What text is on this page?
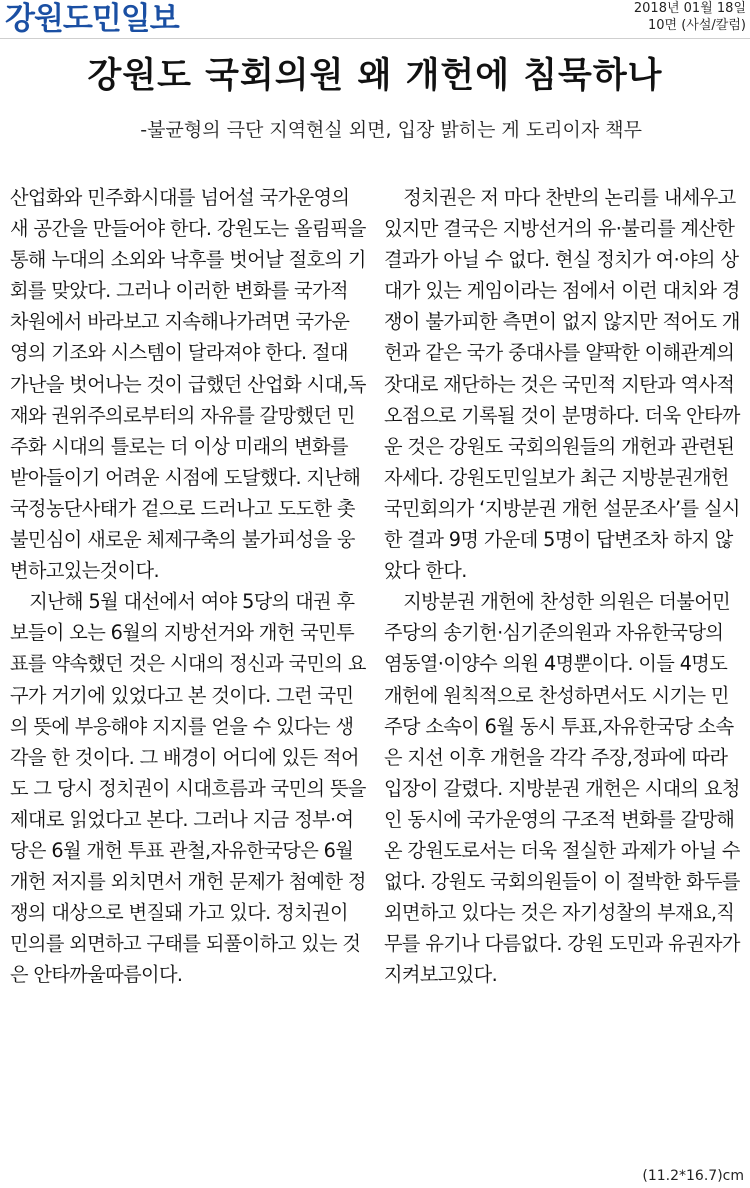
강원도민일보	2018년 01월 18일
10면 (사설/칼럼)
강원도 국회의원 왜 개헌에 침묵하나
-불균형의 극단 지역현실 외면, 입장 밝히는 게 도리이자 책무

산업화와 민주화시대를 넘어설 국가운영의 새 공간을 만들어야 한다. 강원도는 올림픽을 통해 누대의 소외와 낙후를 벗어날 절호의 기회를 맞았다. 그러나 이러한 변화를 국가적 차원에서 바라보고 지속해나가려면 국가운영의 기조와 시스템이 달라져야 한다. 절대 가난을 벗어나는 것이 급했던 산업화 시대,독재와 권위주의로부터의 자유를 갈망했던 민주화 시대의 틀로는 더 이상 미래의 변화를 받아들이기 어려운 시점에 도달했다. 지난해 국정농단사태가 겉으로 드러나고 도도한 촛불민심이 새로운 체제구축의 불가피성을 웅변하고있는것이다.

지난해 5월 대선에서 여야 5당의 대권 후보들이 오는 6월의 지방선거와 개헌 국민투표를 약속했던 것은 시대의 정신과 국민의 요구가 거기에 있었다고 본 것이다. 그런 국민의 뜻에 부응해야 지지를 얻을 수 있다는 생각을 한 것이다. 그 배경이 어디에 있든 적어도 그 당시 정치권이 시대흐름과 국민의 뜻을 제대로 읽었다고 본다. 그러나 지금 정부·여당은 6월 개헌 투표 관철,자유한국당은 6월 개헌 저지를 외치면서 개헌 문제가 첨예한 정쟁의 대상으로 변질돼 가고 있다. 정치권이 민의를 외면하고 구태를 되풀이하고 있는 것은 안타까울따름이다.

정치권은 저 마다 찬반의 논리를 내세우고 있지만 결국은 지방선거의 유·불리를 계산한 결과가 아닐 수 없다. 현실 정치가 여·야의 상대가 있는 게임이라는 점에서 이런 대치와 경쟁이 불가피한 측면이 없지 않지만 적어도 개헌과 같은 국가 중대사를 얄팍한 이해관계의 잣대로 재단하는 것은 국민적 지탄과 역사적 오점으로 기록될 것이 분명하다. 더욱 안타까운 것은 강원도 국회의원들의 개헌과 관련된 자세다. 강원도민일보가 최근 지방분권개헌국민회의가 ‘지방분권 개헌 설문조사’를 실시한 결과 9명 가운데 5명이 답변조차 하지 않았다 한다.

지방분권 개헌에 찬성한 의원은 더불어민주당의 송기헌·심기준의원과 자유한국당의 염동열·이양수 의원 4명뿐이다. 이들 4명도 개헌에 원칙적으로 찬성하면서도 시기는 민주당 소속이 6월 동시 투표,자유한국당 소속은 지선 이후 개헌을 각각 주장,정파에 따라 입장이 갈렸다. 지방분권 개헌은 시대의 요청인 동시에 국가운영의 구조적 변화를 갈망해온 강원도로서는 더욱 절실한 과제가 아닐 수 없다. 강원도 국회의원들이 이 절박한 화두를 외면하고 있다는 것은 자기성찰의 부재요,직무를 유기나 다름없다. 강원 도민과 유권자가 지켜보고있다.

(11.2*16.7)cm
